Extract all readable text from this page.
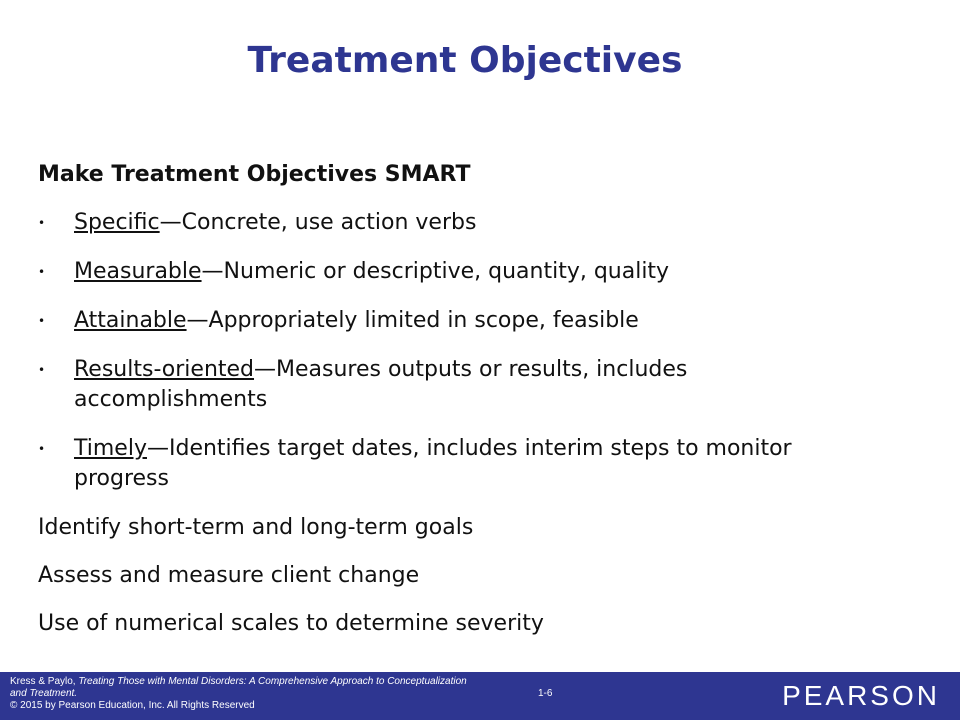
Treatment Objectives
Make Treatment Objectives SMART
• Specific—Concrete, use action verbs
• Measurable—Numeric or descriptive, quantity, quality
• Attainable—Appropriately limited in scope, feasible
• Results-oriented—Measures outputs or results, includes accomplishments
• Timely—Identifies target dates, includes interim steps to monitor progress
Identify short-term and long-term goals
Assess and measure client change
Use of numerical scales to determine severity
Kress & Paylo, Treating Those with Mental Disorders: A Comprehensive Approach to Conceptualization and Treatment.
© 2015 by Pearson Education, Inc. All Rights Reserved
1-6	PEARSON
